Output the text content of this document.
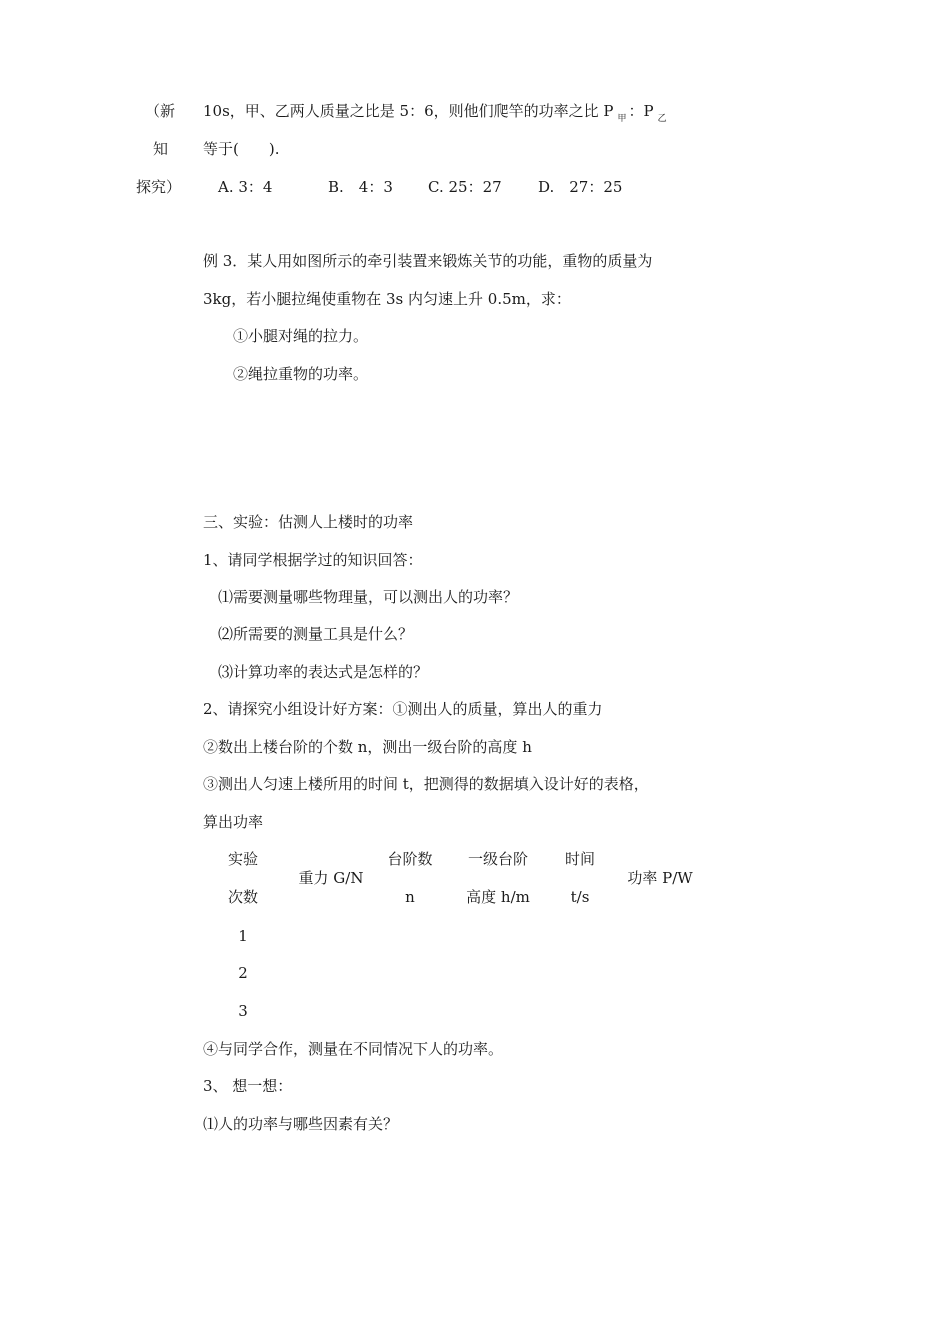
（新
知
探究）
10s，甲、乙两人质量之比是 5：6，则他们爬竿的功率之比 P $_甲$ ：P $_乙$
等于(　　).
A. 3：4	B.　4：3 C. 25：27 D.　27：25
例 3．某人用如图所示的牵引装置来锻炼关节的功能，重物的质量为
3kg，若小腿拉绳使重物在 3s 内匀速上升 0.5m，求：
①小腿对绳的拉力。
②绳拉重物的功率。
三、实验：估测人上楼时的功率
1、请同学根据学过的知识回答：
⑴需要测量哪些物理量，可以测出人的功率？
⑵所需要的测量工具是什么？
⑶计算功率的表达式是怎样的？
2、请探究小组设计好方案：①测出人的质量，算出人的重力
②数出上楼台阶的个数 n，测出一级台阶的高度 h
③测出人匀速上楼所用的时间 t，把测得的数据填入设计好的表格，
算出功率
实验
次数
重力 G/N
台阶数
n
一级台阶
高度 h/m
时间
t/s
功率 P/W
1
2
3
④与同学合作，测量在不同情况下人的功率。
3、 想一想：
⑴人的功率与哪些因素有关？
